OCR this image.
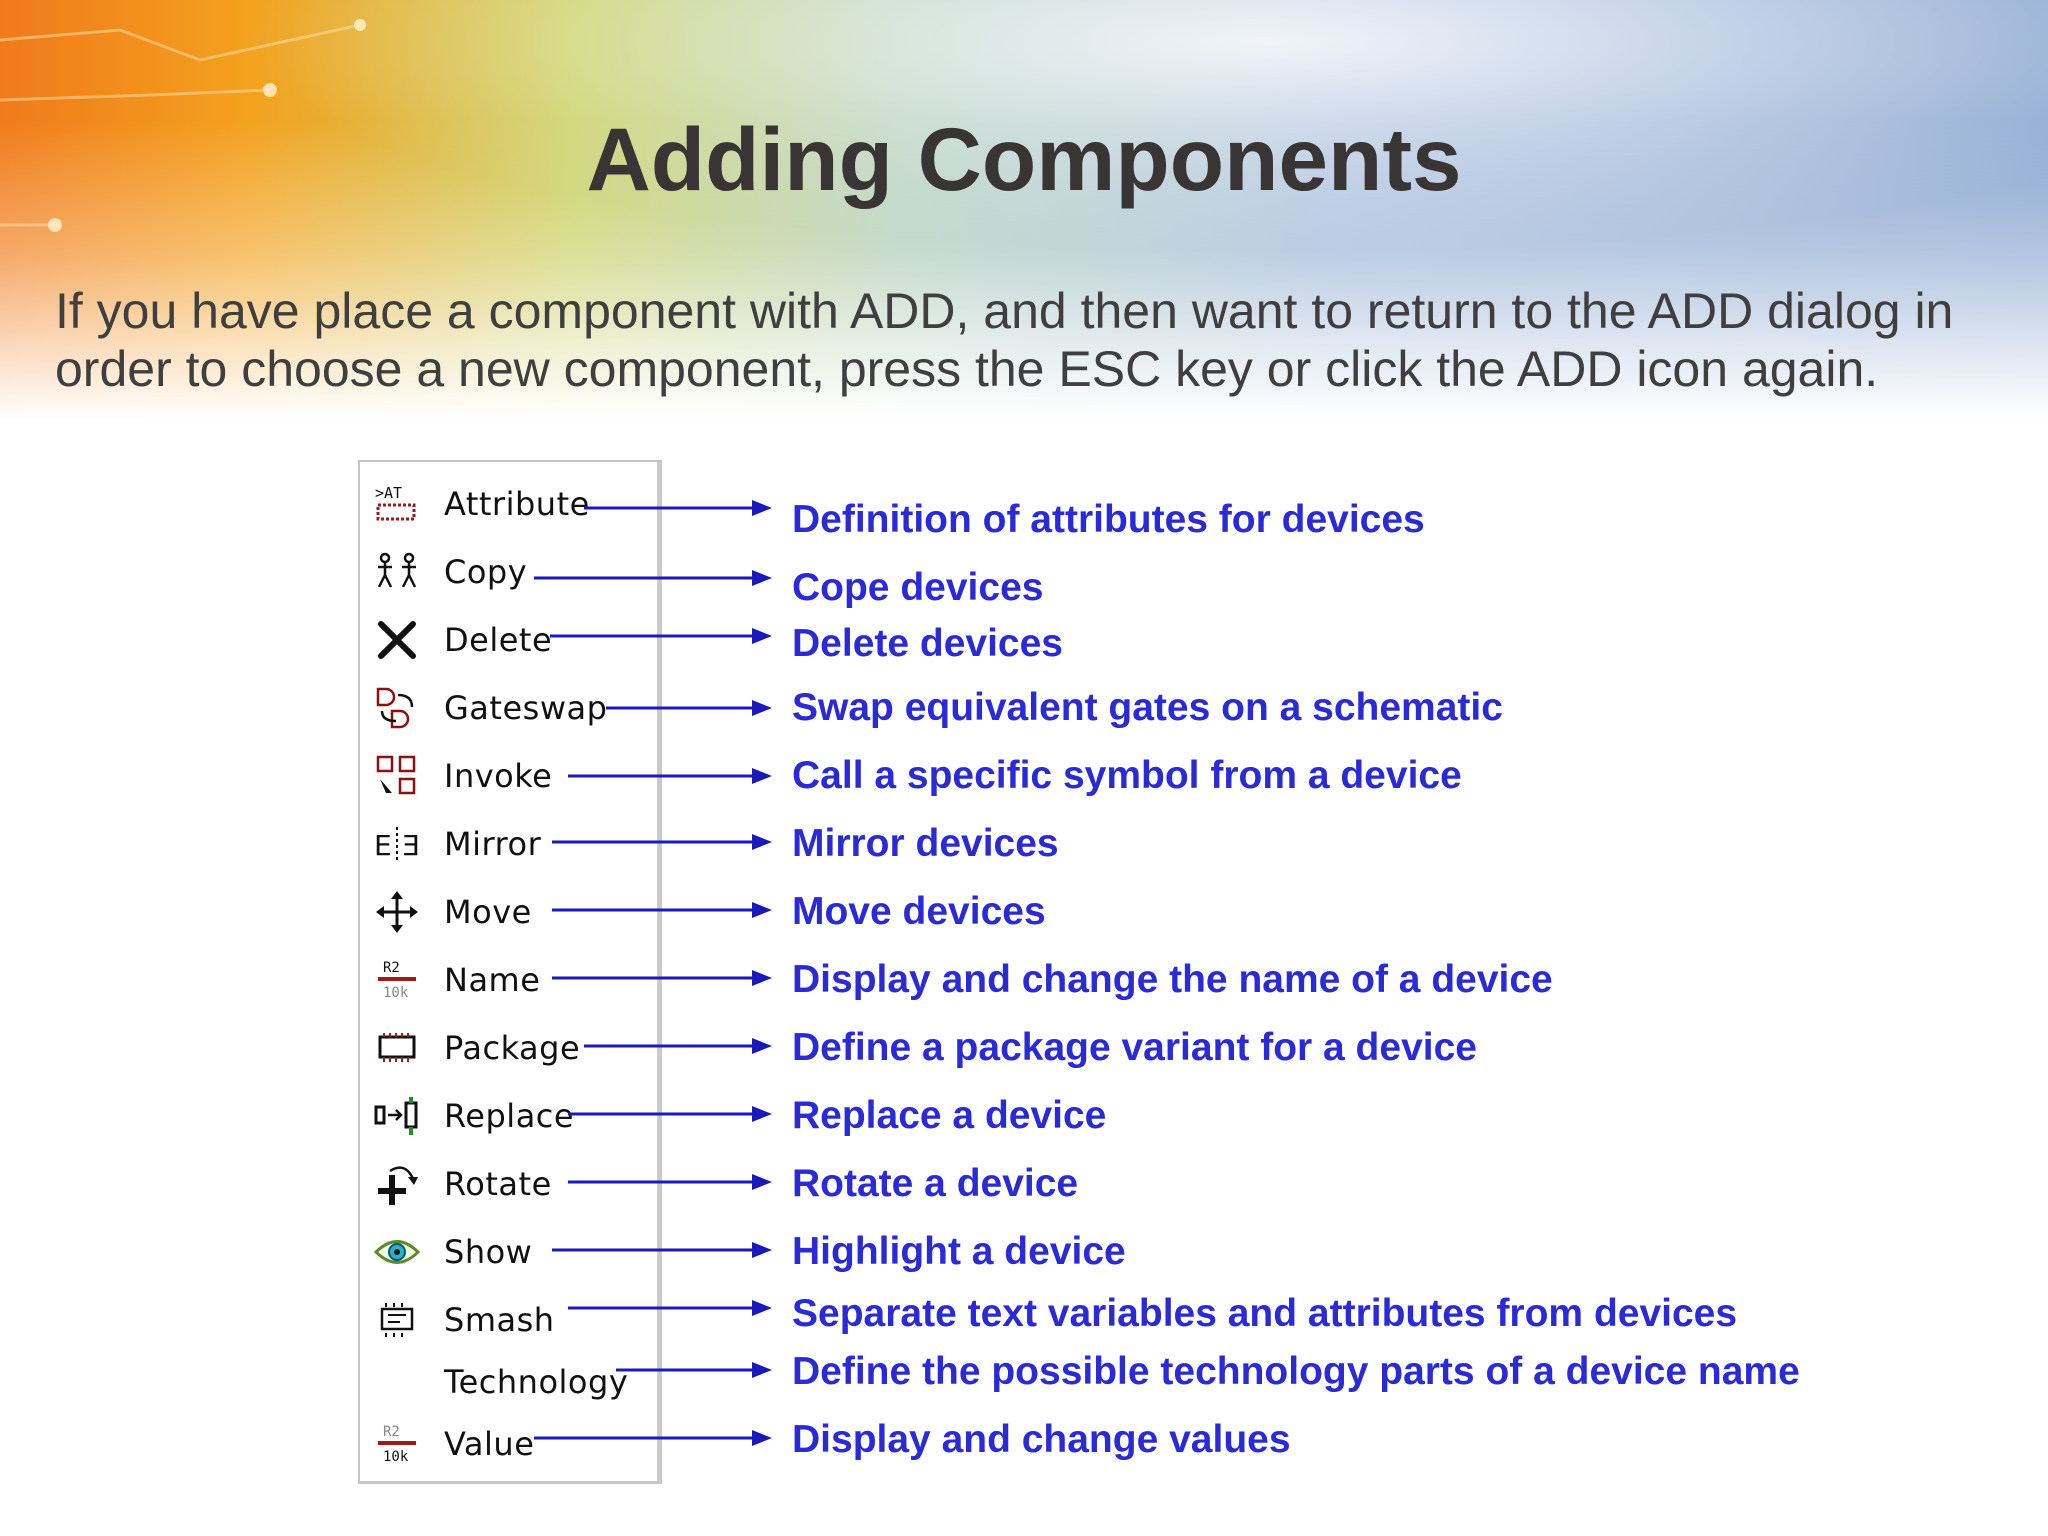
Adding Components

If you have place a component with ADD, and then want to return to the ADD dialog in order to choose a new component, press the ESC key or click the ADD icon again.

>AT Attribute
Copy
Delete
Gateswap
Invoke
E E Mirror
Move
R2
10k Name
Package
Replace
Rotate
Show
Smash
Technology
R2
10k Value
Definition of attributes for devices
Cope devices
Delete devices
Swap equivalent gates on a schematic
Call a specific symbol from a device
Mirror devices
Move devices
Display and change the name of a device
Define a package variant for a device
Replace a device
Rotate a device
Highlight a device
Separate text variables and attributes from devices
Define the possible technology parts of a device name
Display and change values
